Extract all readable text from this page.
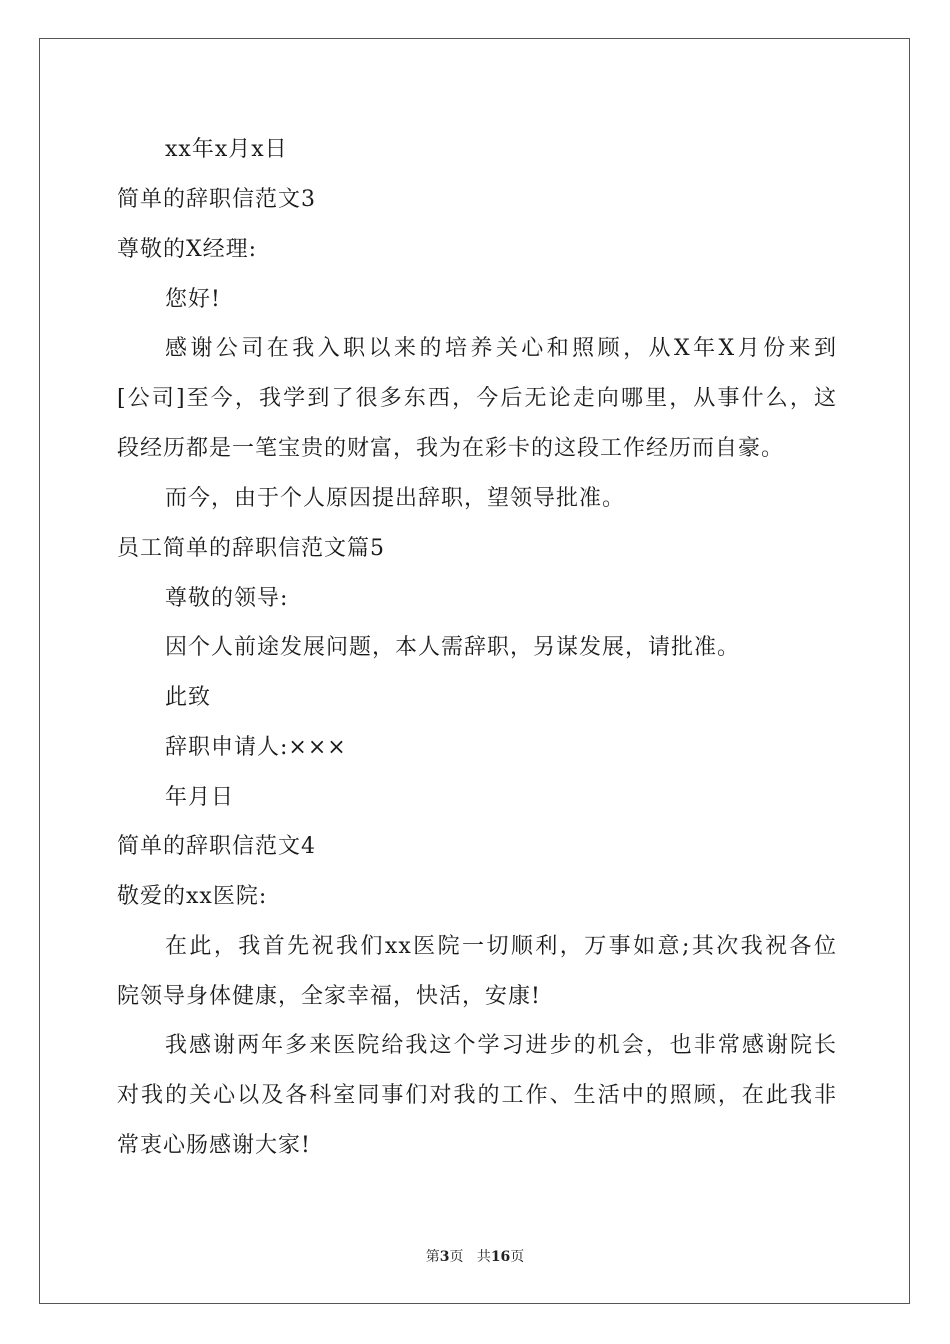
xx年x月x日
简单的辞职信范文3
尊敬的X经理:
您好!
感谢公司在我入职以来的培养关心和照顾，从X年X月份来到
[公司]至今，我学到了很多东西，今后无论走向哪里，从事什么，这
段经历都是一笔宝贵的财富，我为在彩卡的这段工作经历而自豪。
而今，由于个人原因提出辞职，望领导批准。
员工简单的辞职信范文篇5
尊敬的领导:
因个人前途发展问题，本人需辞职，另谋发展，请批准。
此致
辞职申请人:×××
年月日
简单的辞职信范文4
敬爱的xx医院:
在此，我首先祝我们xx医院一切顺利，万事如意;其次我祝各位
院领导身体健康，全家幸福，快活，安康!
我感谢两年多来医院给我这个学习进步的机会，也非常感谢院长
对我的关心以及各科室同事们对我的工作、生活中的照顾，在此我非
常衷心肠感谢大家!
第3页 共16页
